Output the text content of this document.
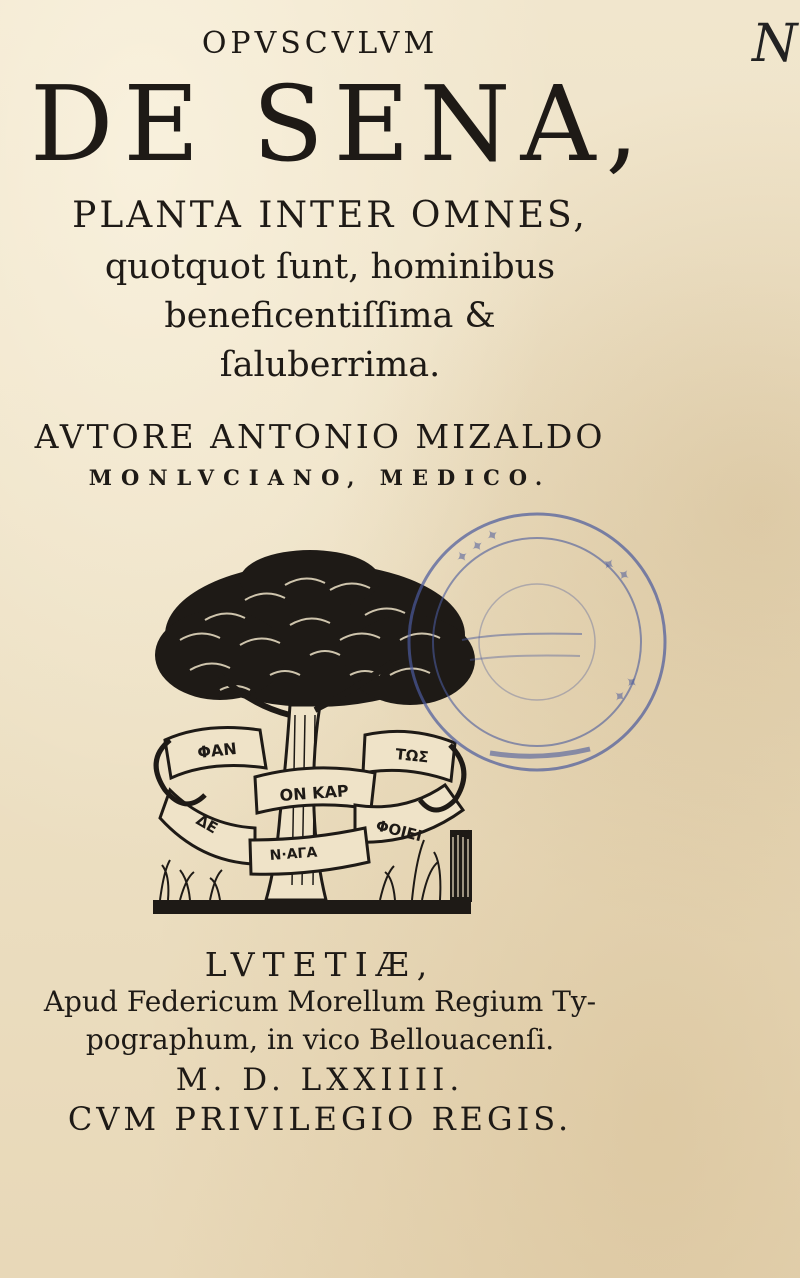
N
OPVSCVLVM
DE SENA,
PLANTA INTER OMNES,
quotquot ſunt, hominibus
beneficentiſſima &
ſaluberrima.
AVTORE ANTONIO MIZALDO
MONLVCIANO, MEDICO.
ΦΑΝ	ΤΩΣ
ΟΝ ΚΑΡ
ΦΟΙΕΙ
ΔΕ
Ν·ΑΓΑ
✦ ✦ ✦
✦ ✦
✦ ✦
LVTETIÆ,
Apud Federicum Morellum Regium Ty-
pographum, in vico Bellouacenſi.
M. D. LXXIIII.
CVM PRIVILEGIO REGIS.
